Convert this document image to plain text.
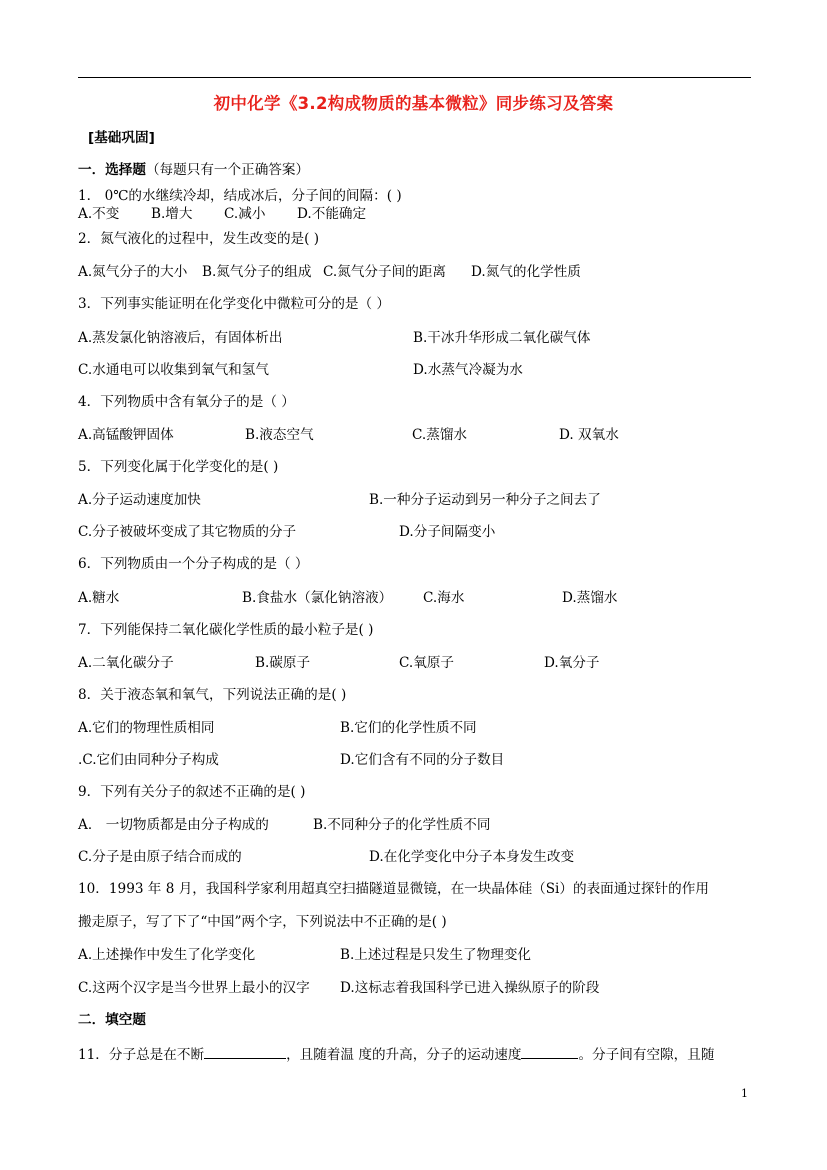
初中化学《3.2构成物质的基本微粒》同步练习及答案
[基础巩固]
一．选择题（每题只有一个正确答案）
1． 0℃的水继续冷却，结成冰后，分子间的间隔：( )
A.不变 B.增大 C.减小 D.不能确定
2．氮气液化的过程中，发生改变的是( )
A.氮气分子的大小 B.氮气分子的组成 C.氮气分子间的距离 D.氮气的化学性质
3．下列事实能证明在化学变化中微粒可分的是（ ）
A.蒸发氯化钠溶液后，有固体析出	B.干冰升华形成二氧化碳气体
C.水通电可以收集到氧气和氢气	D.水蒸气冷凝为水
4．下列物质中含有氧分子的是（ ）
A.高锰酸钾固体	B.液态空气	C.蒸馏水	D. 双氧水
5．下列变化属于化学变化的是( )
A.分子运动速度加快	B.一种分子运动到另一种分子之间去了
C.分子被破坏变成了其它物质的分子	D.分子间隔变小
6．下列物质由一个分子构成的是（ ）
A.糖水	B.食盐水（氯化钠溶液） C.海水	D.蒸馏水
7．下列能保持二氧化碳化学性质的最小粒子是( )
A.二氧化碳分子	B.碳原子	C.氧原子	D.氧分子
8．关于液态氧和氧气，下列说法正确的是( )
A.它们的物理性质相同	B.它们的化学性质不同
.C.它们由同种分子构成	D.它们含有不同的分子数目
9．下列有关分子的叙述不正确的是( )
A． 一切物质都是由分子构成的	B.不同种分子的化学性质不同
C.分子是由原子结合而成的	D.在化学变化中分子本身发生改变
10．1993 年 8 月，我国科学家利用超真空扫描隧道显微镜，在一块晶体硅（Si）的表面通过探针的作用
搬走原子，写了下了“中国”两个字，下列说法中不正确的是( )
A.上述操作中发生了化学变化	B.上述过程是只发生了物理变化
C.这两个汉字是当今世界上最小的汉字 D.这标志着我国科学已进入操纵原子的阶段
二．填空题
11．分子总是在不断	，且随着温 度的升高，分子的运动速度	。分子间有空隙，且随
1
